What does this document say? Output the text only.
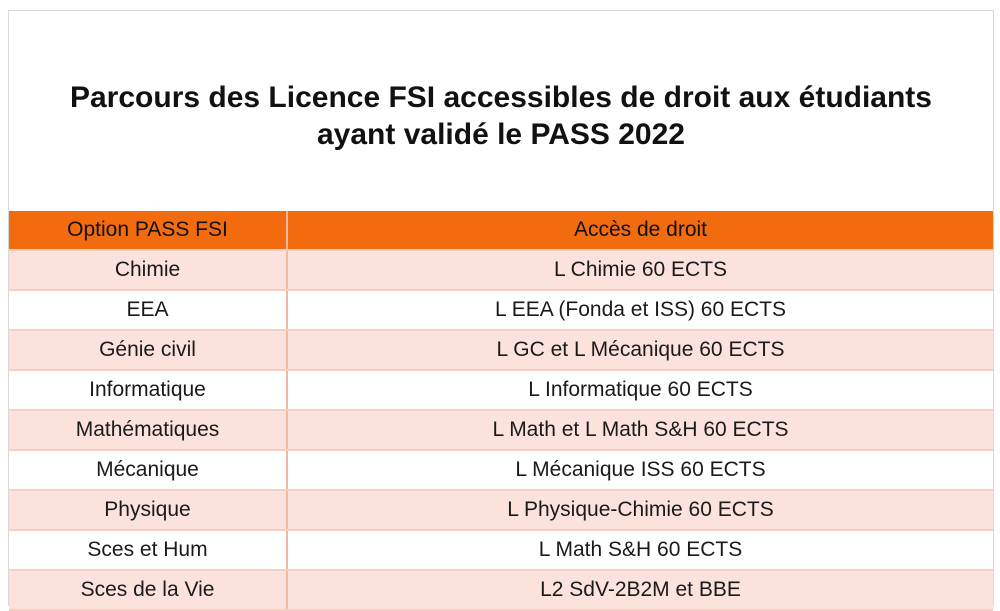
Parcours des Licence FSI accessibles de droit aux étudiants
ayant validé le PASS 2022
Option PASS FSI	Accès de droit
Chimie	L Chimie 60 ECTS
EEA	L EEA (Fonda et ISS) 60 ECTS
Génie civil	L GC et L Mécanique 60 ECTS
Informatique	L Informatique 60 ECTS
Mathématiques	L Math et L Math S&H 60 ECTS
Mécanique	L Mécanique ISS 60 ECTS
Physique	L Physique-Chimie 60 ECTS
Sces et Hum	L Math S&H 60 ECTS
Sces de la Vie	L2 SdV-2B2M et BBE
